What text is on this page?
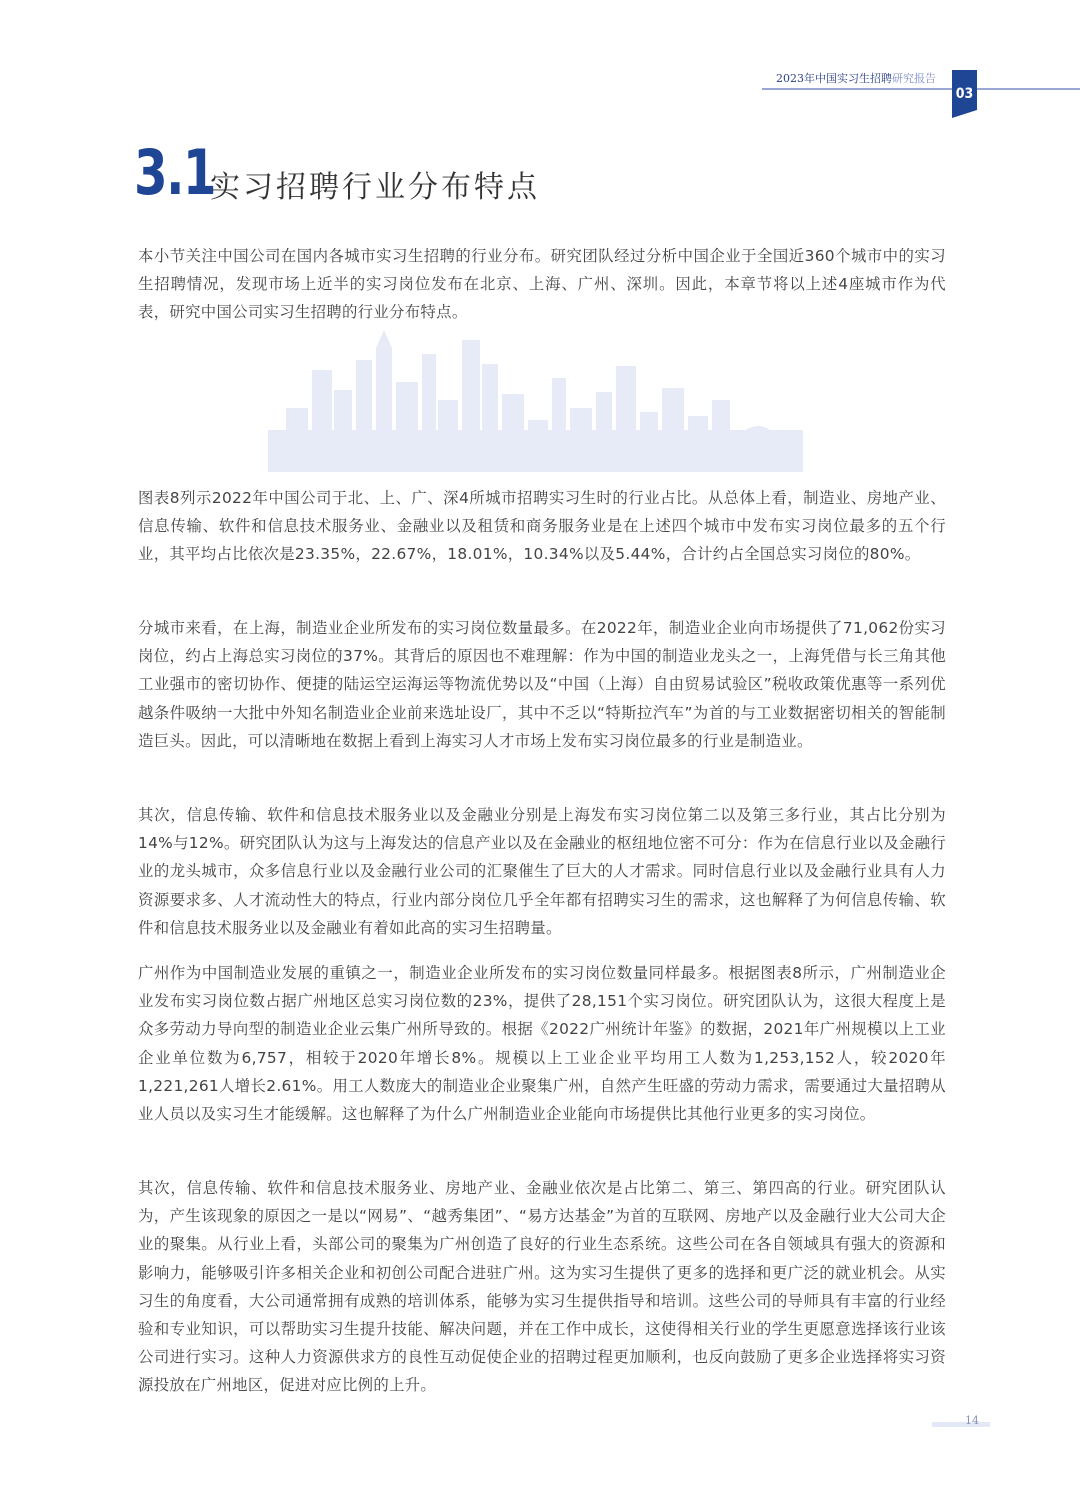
2023年中国实习生招聘研究报告
03
3.1
实习招聘行业分布特点

本小节关注中国公司在国内各城市实习生招聘的行业分布。研究团队经过分析中国企业于全国近360个城市中的实习生招聘情况，发现市场上近半的实习岗位发布在北京、上海、广州、深圳。因此，本章节将以上述4座城市作为代表，研究中国公司实习生招聘的行业分布特点。

图表8列示2022年中国公司于北、上、广、深4所城市招聘实习生时的行业占比。从总体上看，制造业、房地产业、信息传输、软件和信息技术服务业、金融业以及租赁和商务服务业是在上述四个城市中发布实习岗位最多的五个行业，其平均占比依次是23.35%，22.67%，18.01%，10.34%以及5.44%，合计约占全国总实习岗位的80%。

分城市来看，在上海，制造业企业所发布的实习岗位数量最多。在2022年，制造业企业向市场提供了71,062份实习岗位，约占上海总实习岗位的37%。其背后的原因也不难理解：作为中国的制造业龙头之一，上海凭借与长三角其他工业强市的密切协作、便捷的陆运空运海运等物流优势以及“中国（上海）自由贸易试验区”税收政策优惠等一系列优越条件吸纳一大批中外知名制造业企业前来选址设厂，其中不乏以“特斯拉汽车”为首的与工业数据密切相关的智能制造巨头。因此，可以清晰地在数据上看到上海实习人才市场上发布实习岗位最多的行业是制造业。

其次，信息传输、软件和信息技术服务业以及金融业分别是上海发布实习岗位第二以及第三多行业，其占比分别为14%与12%。研究团队认为这与上海发达的信息产业以及在金融业的枢纽地位密不可分：作为在信息行业以及金融行业的龙头城市，众多信息行业以及金融行业公司的汇聚催生了巨大的人才需求。同时信息行业以及金融行业具有人力资源要求多、人才流动性大的特点，行业内部分岗位几乎全年都有招聘实习生的需求，这也解释了为何信息传输、软件和信息技术服务业以及金融业有着如此高的实习生招聘量。

广州作为中国制造业发展的重镇之一，制造业企业所发布的实习岗位数量同样最多。根据图表8所示，广州制造业企业发布实习岗位数占据广州地区总实习岗位数的23%，提供了28,151个实习岗位。研究团队认为，这很大程度上是众多劳动力导向型的制造业企业云集广州所导致的。根据《2022广州统计年鉴》的数据，2021年广州规模以上工业企业单位数为6,757，相较于2020年增长8%。规模以上工业企业平均用工人数为1,253,152人，较2020年1,221,261人增长2.61%。用工人数庞大的制造业企业聚集广州，自然产生旺盛的劳动力需求，需要通过大量招聘从业人员以及实习生才能缓解。这也解释了为什么广州制造业企业能向市场提供比其他行业更多的实习岗位。

其次，信息传输、软件和信息技术服务业、房地产业、金融业依次是占比第二、第三、第四高的行业。研究团队认为，产生该现象的原因之一是以“网易”、“越秀集团”、“易方达基金”为首的互联网、房地产以及金融行业大公司大企业的聚集。从行业上看，头部公司的聚集为广州创造了良好的行业生态系统。这些公司在各自领域具有强大的资源和影响力，能够吸引许多相关企业和初创公司配合进驻广州。这为实习生提供了更多的选择和更广泛的就业机会。从实习生的角度看，大公司通常拥有成熟的培训体系，能够为实习生提供指导和培训。这些公司的导师具有丰富的行业经验和专业知识，可以帮助实习生提升技能、解决问题，并在工作中成长，这使得相关行业的学生更愿意选择该行业该公司进行实习。这种人力资源供求方的良性互动促使企业的招聘过程更加顺利，也反向鼓励了更多企业选择将实习资源投放在广州地区，促进对应比例的上升。

14
